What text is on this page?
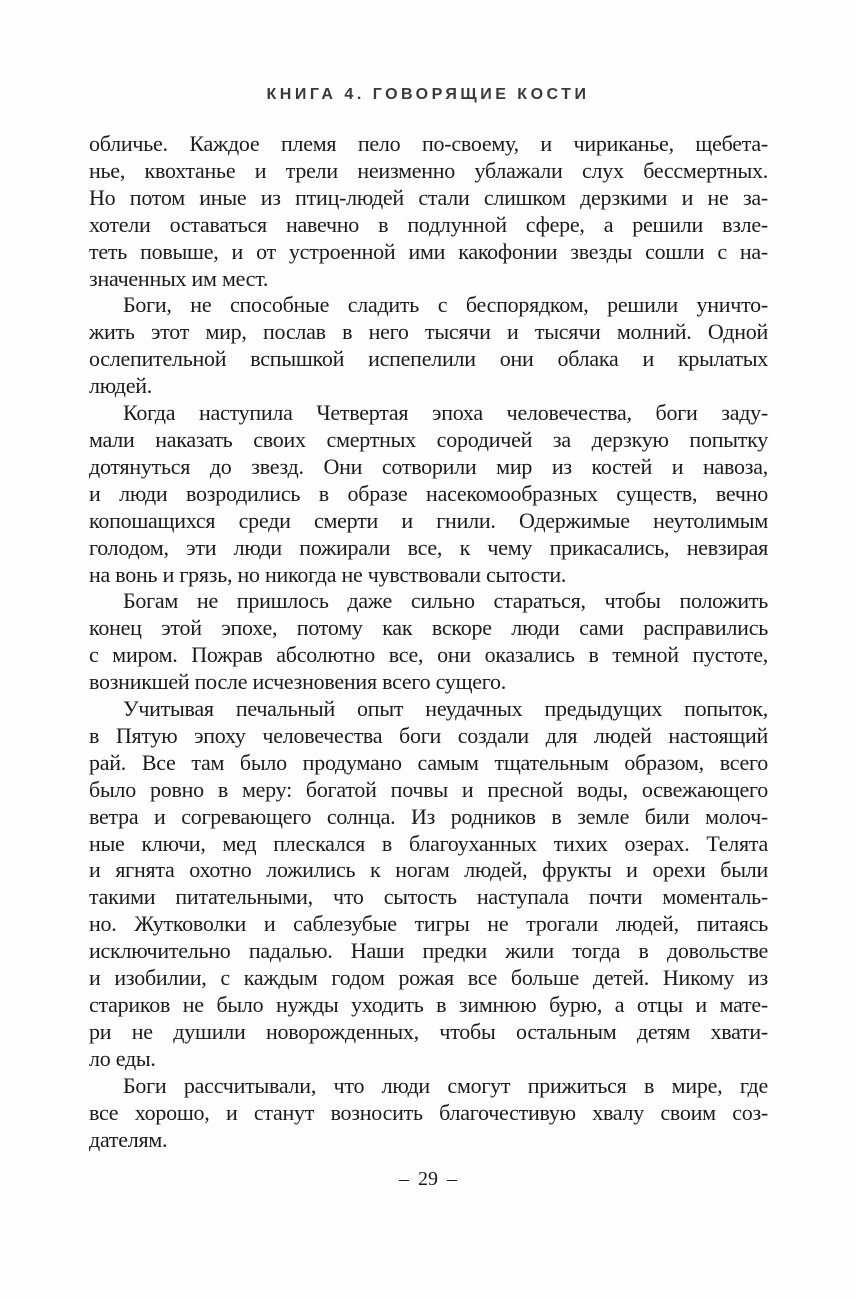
КНИГА 4. ГОВОРЯЩИЕ КОСТИ
обличье. Каждое племя пело по-своему, и чириканье, щебета-
нье, квохтанье и трели неизменно ублажали слух бессмертных.
Но потом иные из птиц-людей стали слишком дерзкими и не за-
хотели оставаться навечно в подлунной сфере, а решили взле-
теть повыше, и от устроенной ими какофонии звезды сошли с на-
значенных им мест.
Боги, не способные сладить с беспорядком, решили уничто-
жить этот мир, послав в него тысячи и тысячи молний. Одной
ослепительной вспышкой испепелили они облака и крылатых
людей.
Когда наступила Четвертая эпоха человечества, боги заду-
мали наказать своих смертных сородичей за дерзкую попытку
дотянуться до звезд. Они сотворили мир из костей и навоза,
и люди возродились в образе насекомообразных существ, вечно
копошащихся среди смерти и гнили. Одержимые неутолимым
голодом, эти люди пожирали все, к чему прикасались, невзирая
на вонь и грязь, но никогда не чувствовали сытости.
Богам не пришлось даже сильно стараться, чтобы положить
конец этой эпохе, потому как вскоре люди сами расправились
с миром. Пожрав абсолютно все, они оказались в темной пустоте,
возникшей после исчезновения всего сущего.
Учитывая печальный опыт неудачных предыдущих попыток,
в Пятую эпоху человечества боги создали для людей настоящий
рай. Все там было продумано самым тщательным образом, всего
было ровно в меру: богатой почвы и пресной воды, освежающего
ветра и согревающего солнца. Из родников в земле били молоч-
ные ключи, мед плескался в благоуханных тихих озерах. Телята
и ягнята охотно ложились к ногам людей, фрукты и орехи были
такими питательными, что сытость наступала почти моменталь-
но. Жутковолки и саблезубые тигры не трогали людей, питаясь
исключительно падалью. Наши предки жили тогда в довольстве
и изобилии, с каждым годом рожая все больше детей. Никому из
стариков не было нужды уходить в зимнюю бурю, а отцы и мате-
ри не душили новорожденных, чтобы остальным детям хвати-
ло еды.
Боги рассчитывали, что люди смогут прижиться в мире, где
все хорошо, и станут возносить благочестивую хвалу своим соз-
дателям.
– 29 –
